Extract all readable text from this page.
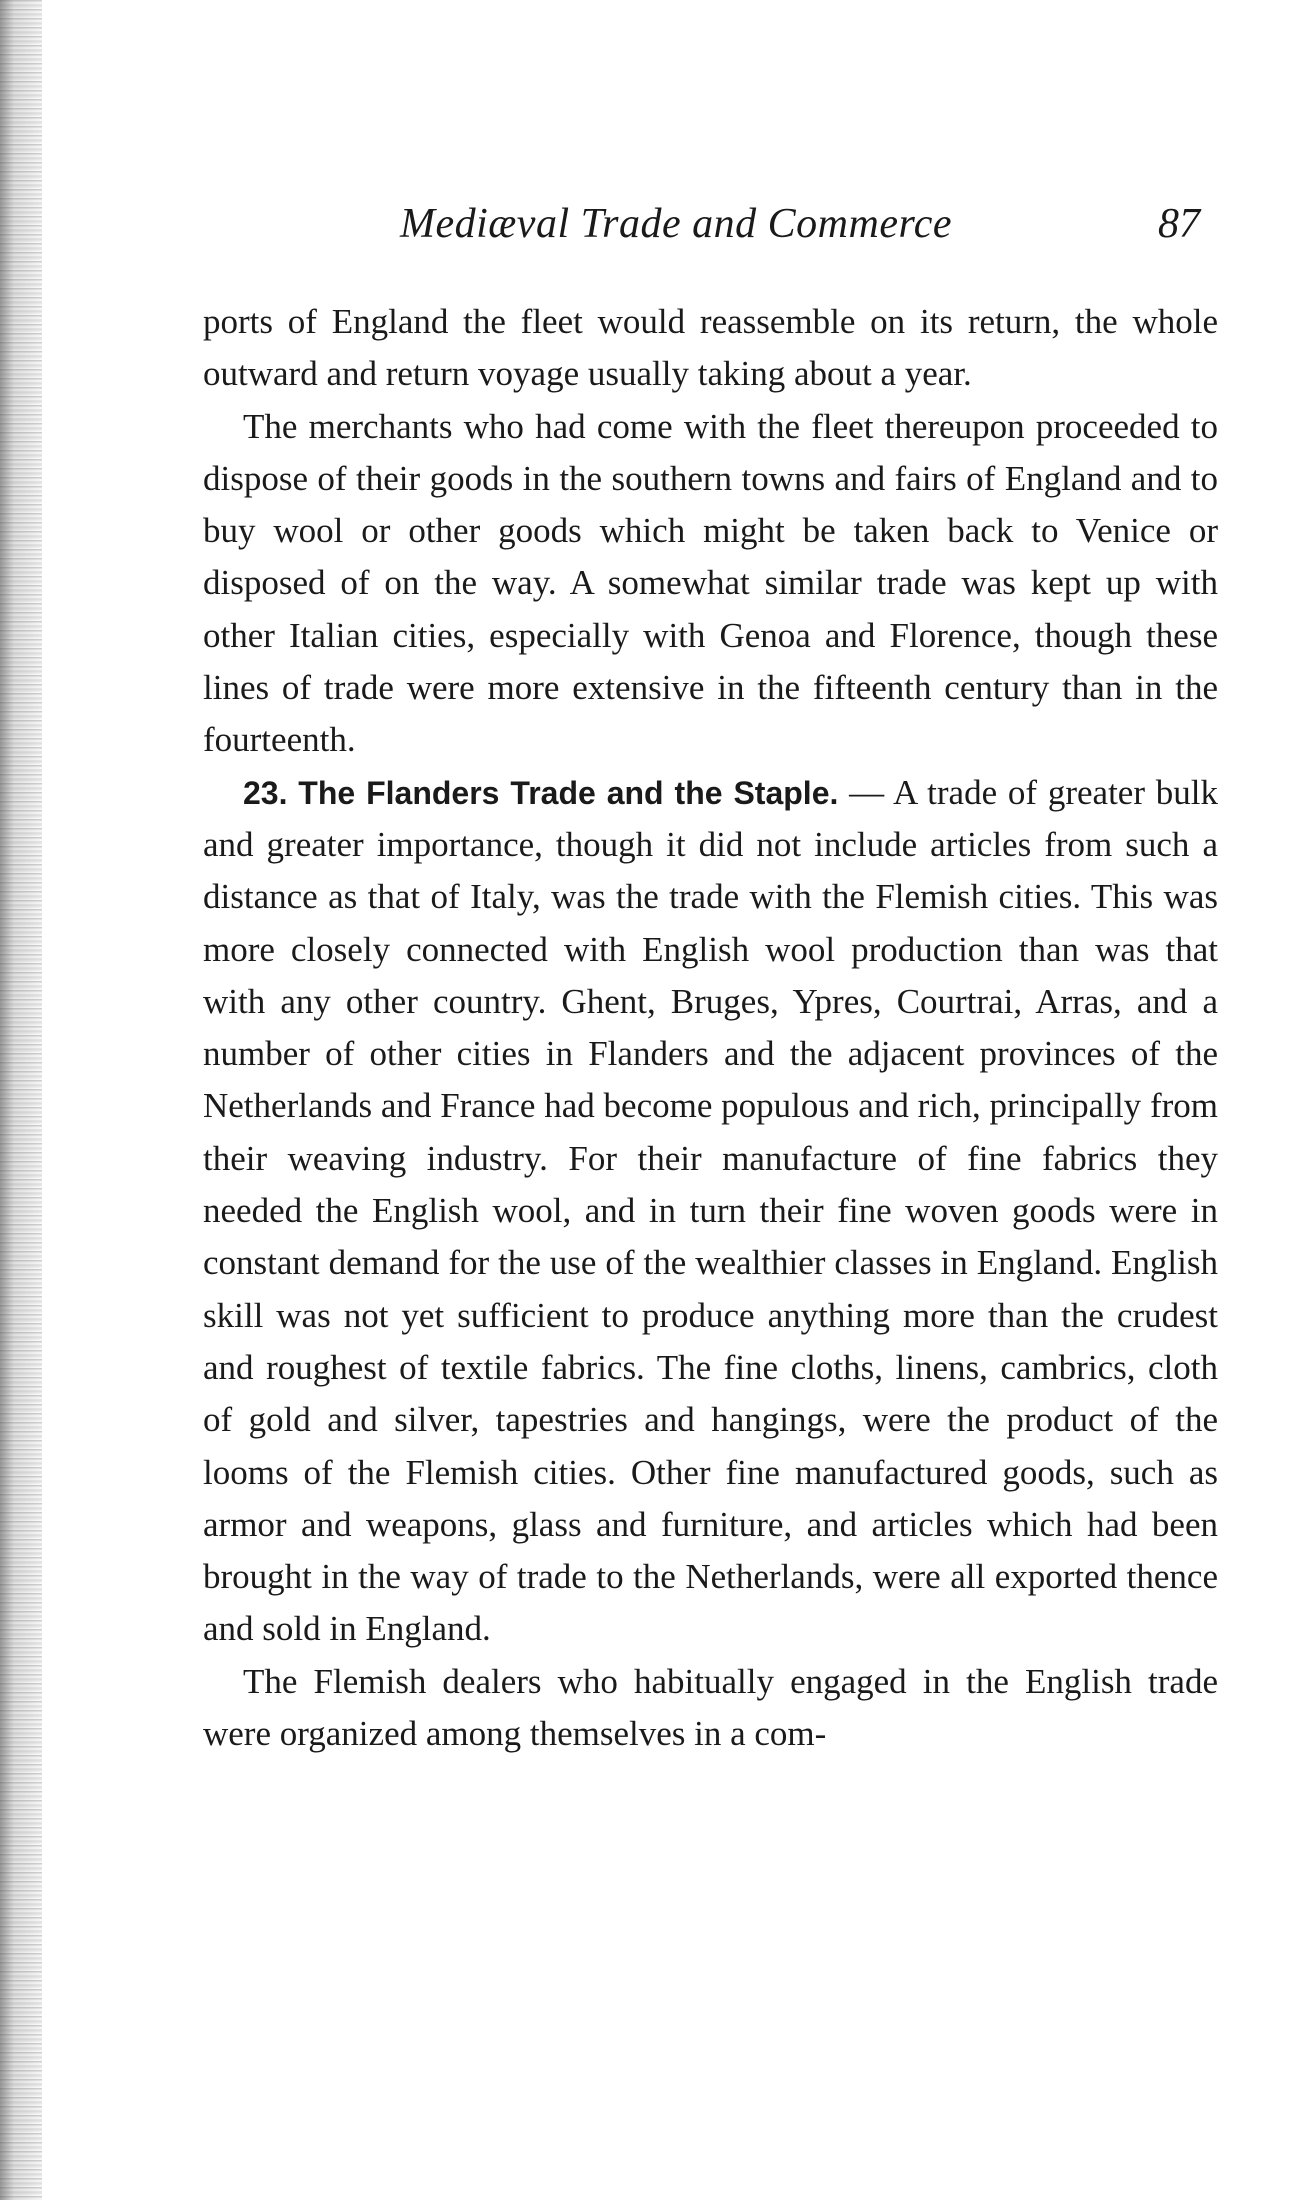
Mediæval Trade and Commerce	87

ports of England the fleet would reassemble on its return, the whole outward and return voyage usually taking about a year.

The merchants who had come with the fleet thereupon proceeded to dispose of their goods in the southern towns and fairs of England and to buy wool or other goods which might be taken back to Venice or disposed of on the way. A somewhat similar trade was kept up with other Italian cities, especially with Genoa and Florence, though these lines of trade were more extensive in the fifteenth century than in the fourteenth.

23. The Flanders Trade and the Staple. — A trade of greater bulk and greater importance, though it did not include articles from such a distance as that of Italy, was the trade with the Flemish cities. This was more closely connected with English wool production than was that with any other country. Ghent, Bruges, Ypres, Courtrai, Arras, and a number of other cities in Flanders and the adjacent provinces of the Netherlands and France had become populous and rich, principally from their weaving industry. For their manufacture of fine fabrics they needed the English wool, and in turn their fine woven goods were in constant demand for the use of the wealthier classes in England. English skill was not yet sufficient to produce anything more than the crudest and roughest of textile fabrics. The fine cloths, linens, cambrics, cloth of gold and silver, tapestries and hangings, were the product of the looms of the Flemish cities. Other fine manufactured goods, such as armor and weapons, glass and furniture, and articles which had been brought in the way of trade to the Netherlands, were all exported thence and sold in England.

The Flemish dealers who habitually engaged in the English trade were organized among themselves in a com-
